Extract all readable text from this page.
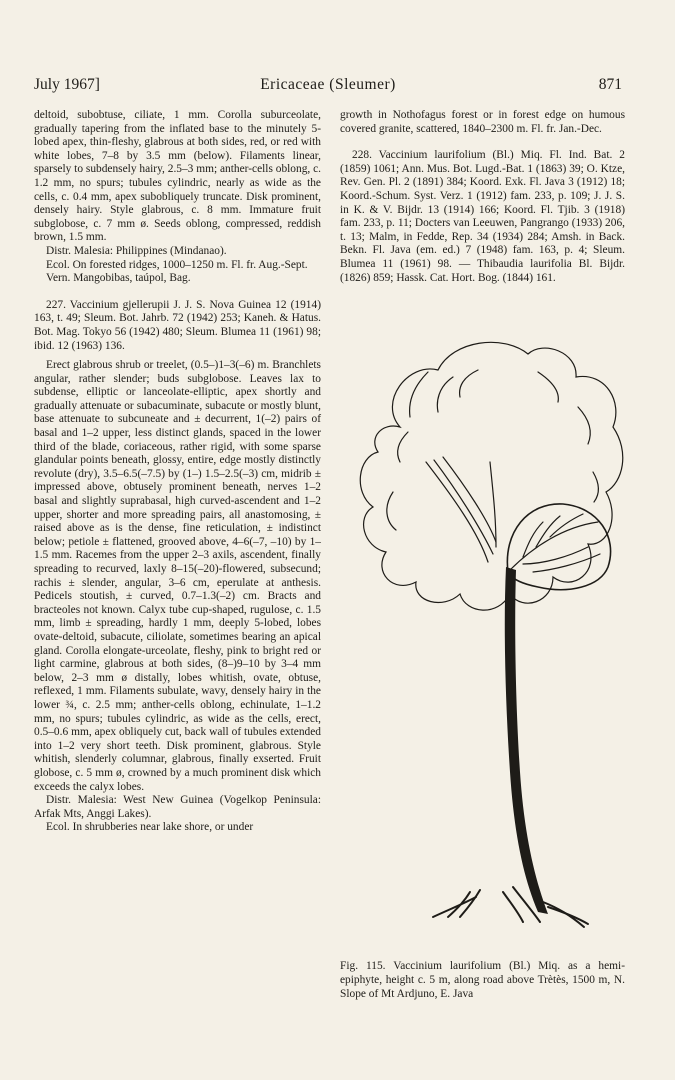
July 1967]	Ericaceae (Sleumer)	871

deltoid, subobtuse, ciliate, 1 mm. Corolla suburceolate, gradually tapering from the inflated base to the minutely 5-lobed apex, thin-fleshy, glabrous at both sides, red, or red with white lobes, 7–8 by 3.5 mm (below). Filaments linear, sparsely to subdensely hairy, 2.5–3 mm; anther-cells oblong, c. 1.2 mm, no spurs; tubules cylindric, nearly as wide as the cells, c. 0.4 mm, apex subobliquely truncate. Disk prominent, densely hairy. Style glabrous, c. 8 mm. Immature fruit subglobose, c. 7 mm ø. Seeds oblong, compressed, reddish brown, 1.5 mm.

Distr. Malesia: Philippines (Mindanao).

Ecol. On forested ridges, 1000–1250 m. Fl. fr. Aug.-Sept.

Vern. Mangobibas, taúpol, Bag.

227. Vaccinium gjellerupii J. J. S. Nova Guinea 12 (1914) 163, t. 49; Sleum. Bot. Jahrb. 72 (1942) 253; Kaneh. & Hatus. Bot. Mag. Tokyo 56 (1942) 480; Sleum. Blumea 11 (1961) 98; ibid. 12 (1963) 136.

Erect glabrous shrub or treelet, (0.5–)1–3(–6) m. Branchlets angular, rather slender; buds subglobose. Leaves lax to subdense, elliptic or lanceolate-elliptic, apex shortly and gradually attenuate or subacuminate, subacute or mostly blunt, base attenuate to subcuneate and ± decurrent, 1(–2) pairs of basal and 1–2 upper, less distinct glands, spaced in the lower third of the blade, coriaceous, rather rigid, with some sparse glandular points beneath, glossy, entire, edge mostly distinctly revolute (dry), 3.5–6.5(–7.5) by (1–) 1.5–2.5(–3) cm, midrib ± impressed above, obtusely prominent beneath, nerves 1–2 basal and slightly suprabasal, high curved-ascendent and 1–2 upper, shorter and more spreading pairs, all anastomosing, ± raised above as is the dense, fine reticulation, ± indistinct below; petiole ± flattened, grooved above, 4–6(–7, –10) by 1–1.5 mm. Racemes from the upper 2–3 axils, ascendent, finally spreading to recurved, laxly 8–15(–20)-flowered, subsecund; rachis ± slender, angular, 3–6 cm, eperulate at anthesis. Pedicels stoutish, ± curved, 0.7–1.3(–2) cm. Bracts and bracteoles not known. Calyx tube cup-shaped, rugulose, c. 1.5 mm, limb ± spreading, hardly 1 mm, deeply 5-lobed, lobes ovate-deltoid, subacute, ciliolate, sometimes bearing an apical gland. Corolla elongate-urceolate, fleshy, pink to bright red or light carmine, glabrous at both sides, (8–)9–10 by 3–4 mm below, 2–3 mm ø distally, lobes whitish, ovate, obtuse, reflexed, 1 mm. Filaments subulate, wavy, densely hairy in the lower ¾, c. 2.5 mm; anther-cells oblong, echinulate, 1–1.2 mm, no spurs; tubules cylindric, as wide as the cells, erect, 0.5–0.6 mm, apex obliquely cut, back wall of tubules extended into 1–2 very short teeth. Disk prominent, glabrous. Style whitish, slenderly columnar, glabrous, finally exserted. Fruit globose, c. 5 mm ø, crowned by a much prominent disk which exceeds the calyx lobes.

Distr. Malesia: West New Guinea (Vogelkop Peninsula: Arfak Mts, Anggi Lakes).

Ecol. In shrubberies near lake shore, or under

growth in Nothofagus forest or in forest edge on humous covered granite, scattered, 1840–2300 m. Fl. fr. Jan.-Dec.

228. Vaccinium laurifolium (Bl.) Miq. Fl. Ind. Bat. 2 (1859) 1061; Ann. Mus. Bot. Lugd.-Bat. 1 (1863) 39; O. Ktze, Rev. Gen. Pl. 2 (1891) 384; Koord. Exk. Fl. Java 3 (1912) 18; Koord.-Schum. Syst. Verz. 1 (1912) fam. 233, p. 109; J. J. S. in K. & V. Bijdr. 13 (1914) 166; Koord. Fl. Tjib. 3 (1918) fam. 233, p. 11; Docters van Leeuwen, Pangrango (1933) 206, t. 13; Malm, in Fedde, Rep. 34 (1934) 284; Amsh. in Back. Bekn. Fl. Java (em. ed.) 7 (1948) fam. 163, p. 4; Sleum. Blumea 11 (1961) 98. — Thibaudia laurifolia Bl. Bijdr. (1826) 859; Hassk. Cat. Hort. Bog. (1844) 161.

Fig. 115. Vaccinium laurifolium (Bl.) Miq. as a hemi-epiphyte, height c. 5 m, along road above Trètès, 1500 m, N. Slope of Mt Ardjuno, E. Java
